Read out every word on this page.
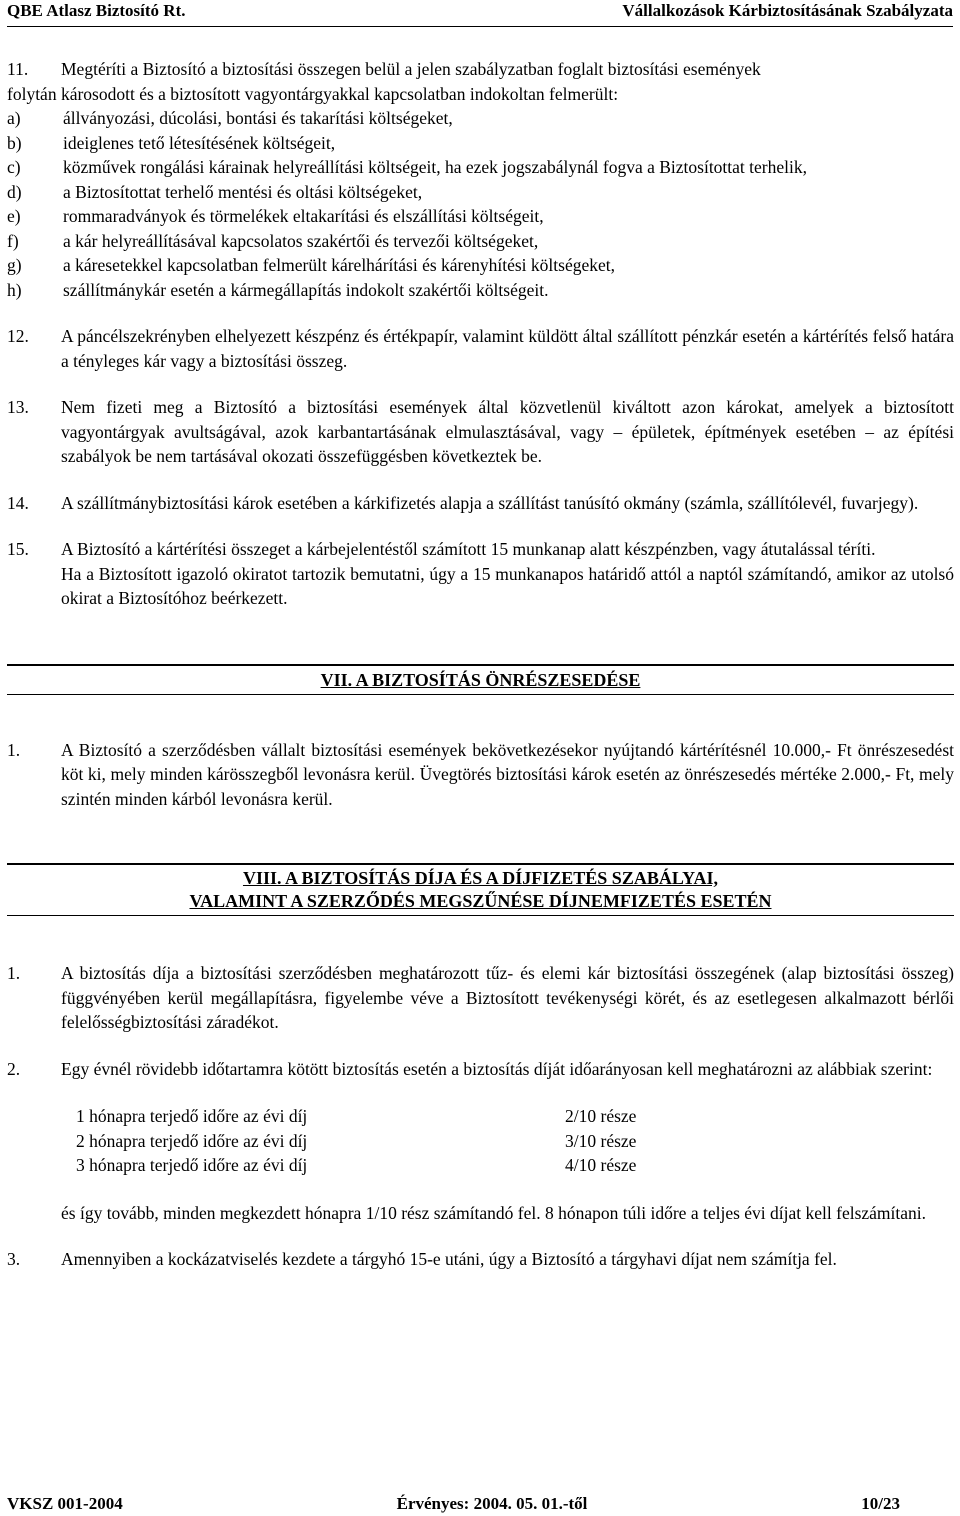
QBE Atlasz Biztosító Rt.	Vállalkozások Kárbiztosításának Szabályzata
11.	Megtéríti a Biztosító a biztosítási összegen belül a jelen szabályzatban foglalt biztosítási események
folytán károsodott és a biztosított vagyontárgyakkal kapcsolatban indokoltan felmerült:
a)	állványozási, dúcolási, bontási és takarítási költségeket,
b)	ideiglenes tető létesítésének költségeit,
c)	közművek rongálási kárainak helyreállítási költségeit, ha ezek jogszabálynál fogva a Biztosítottat terhelik,
d)	a Biztosítottat terhelő mentési és oltási költségeket,
e)	rommaradványok és törmelékek eltakarítási és elszállítási költségeit,
f)	a kár helyreállításával kapcsolatos szakértői és tervezői költségeket,
g)	a káresetekkel kapcsolatban felmerült kárelhárítási és kárenyhítési költségeket,
h)	szállítmánykár esetén a kármegállapítás indokolt szakértői költségeit.
12.	A páncélszekrényben elhelyezett készpénz és értékpapír, valamint küldött által szállított pénzkár esetén a kártérítés felső határa a tényleges kár vagy a biztosítási összeg.
13.	Nem fizeti meg a Biztosító a biztosítási események által közvetlenül kiváltott azon károkat, amelyek a biztosított vagyontárgyak avultságával, azok karbantartásának elmulasztásával, vagy – épületek, építmények esetében – az építési szabályok be nem tartásával okozati összefüggésben következtek be.
14.	A szállítmánybiztosítási károk esetében a kárkifizetés alapja a szállítást tanúsító okmány (számla, szállítólevél, fuvarjegy).
15.	A Biztosító a kártérítési összeget a kárbejelentéstől számított 15 munkanap alatt készpénzben, vagy átutalással téríti.
Ha a Biztosított igazoló okiratot tartozik bemutatni, úgy a 15 munkanapos határidő attól a naptól számítandó, amikor az utolsó okirat a Biztosítóhoz beérkezett.
VII. A BIZTOSÍTÁS ÖNRÉSZESEDÉSE
1.	A Biztosító a szerződésben vállalt biztosítási események bekövetkezésekor nyújtandó kártérítésnél 10.000,- Ft önrészesedést köt ki, mely minden kárösszegből levonásra kerül. Üvegtörés biztosítási károk esetén az önrészesedés mértéke 2.000,- Ft, mely szintén minden kárból levonásra kerül.
VIII. A BIZTOSÍTÁS DÍJA ÉS A DÍJFIZETÉS SZABÁLYAI,
VALAMINT A SZERZŐDÉS MEGSZŰNÉSE DÍJNEMFIZETÉS ESETÉN
1.	A biztosítás díja a biztosítási szerződésben meghatározott tűz- és elemi kár biztosítási összegének (alap biztosítási összeg) függvényében kerül megállapításra, figyelembe véve a Biztosított tevékenységi körét, és az esetlegesen alkalmazott bérlői felelősségbiztosítási záradékot.
2.	Egy évnél rövidebb időtartamra kötött biztosítás esetén a biztosítás díját időarányosan kell meghatározni az alábbiak szerint:
1 hónapra terjedő időre az évi díj	2/10 része
2 hónapra terjedő időre az évi díj	3/10 része
3 hónapra terjedő időre az évi díj	4/10 része
és így tovább, minden megkezdett hónapra 1/10 rész számítandó fel. 8 hónapon túli időre a teljes évi díjat kell felszámítani.
3.	Amennyiben a kockázatviselés kezdete a tárgyhó 15-e utáni, úgy a Biztosító a tárgyhavi díjat nem számítja fel.
VKSZ 001-2004	Érvényes: 2004. 05. 01.-től	10/23
